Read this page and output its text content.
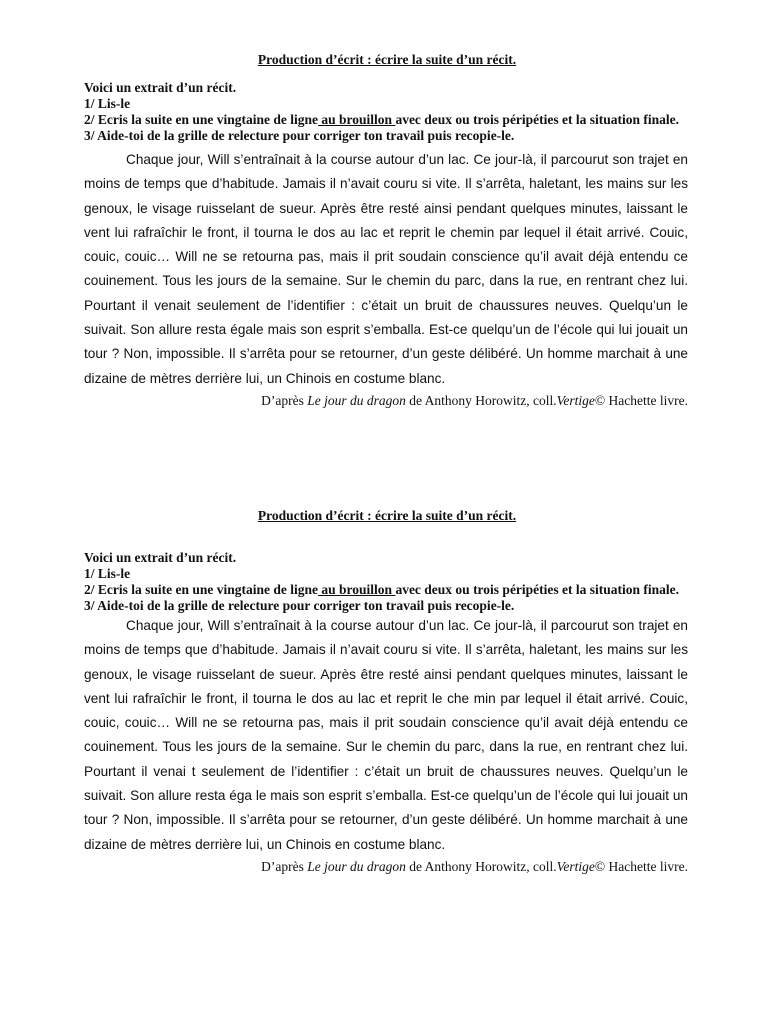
Production d’écrit : écrire la suite d’un récit.

Voici un extrait d’un récit.
1/ Lis-le
2/ Ecris la suite en une vingtaine de ligne au brouillon avec deux ou trois péripéties et la situation finale.
3/ Aide-toi de la grille de relecture pour corriger ton travail puis recopie-le.

Chaque jour, Will s’entraînait à la course autour d’un lac. Ce jour-là, il parcourut son trajet en moins de temps que d’habitude. Jamais il n’avait couru si vite. Il s’arrêta, haletant, les mains sur les genoux, le visage ruisselant de sueur. Après être resté ainsi pendant quelques minutes, laissant le vent lui rafraîchir le front, il tourna le dos au lac et reprit le chemin par lequel il était arrivé. Couic, couic, couic… Will ne se retourna pas, mais il prit soudain conscience qu’il avait déjà entendu ce couinement. Tous les jours de la semaine. Sur le chemin du parc, dans la rue, en rentrant chez lui. Pourtant il venait seulement de l’identifier : c’était un bruit de chaussures neuves. Quelqu’un le suivait. Son allure resta égale mais son esprit s’emballa. Est-ce quelqu’un de l’école qui lui jouait un tour ? Non, impossible. Il s’arrêta pour se retourner, d’un geste délibéré. Un homme marchait à une dizaine de mètres derrière lui, un Chinois en costume blanc.

D’après Le jour du dragon de Anthony Horowitz, coll.Vertige© Hachette livre.

Production d’écrit : écrire la suite d’un récit.

Voici un extrait d’un récit.
1/ Lis-le
2/ Ecris la suite en une vingtaine de ligne au brouillon avec deux ou trois péripéties et la situation finale.
3/ Aide-toi de la grille de relecture pour corriger ton travail puis recopie-le.

Chaque jour, Will s’entraînait à la course autour d’un lac. Ce jour-là, il parcourut son trajet en moins de temps que d’habitude. Jamais il n’avait couru si vite. Il s’arrêta, haletant, les mains sur les genoux, le visage ruisselant de sueur. Après être resté ainsi pendant quelques minutes, laissant le vent lui rafraîchir le front, il tourna le dos au lac et reprit le che min par lequel il était arrivé. Couic, couic, couic… Will ne se retourna pas, mais il prit soudain conscience qu’il avait déjà entendu ce couinement. Tous les jours de la semaine. Sur le chemin du parc, dans la rue, en rentrant chez lui. Pourtant il venai t seulement de l’identifier : c’était un bruit de chaussures neuves. Quelqu’un le suivait. Son allure resta éga le mais son esprit s’emballa. Est-ce quelqu’un de l’école qui lui jouait un tour ? Non, impossible. Il s’arrêta pour se retourner, d’un geste délibéré. Un homme marchait à une dizaine de mètres derrière lui, un Chinois en costume blanc.

D’après Le jour du dragon de Anthony Horowitz, coll.Vertige© Hachette livre.
